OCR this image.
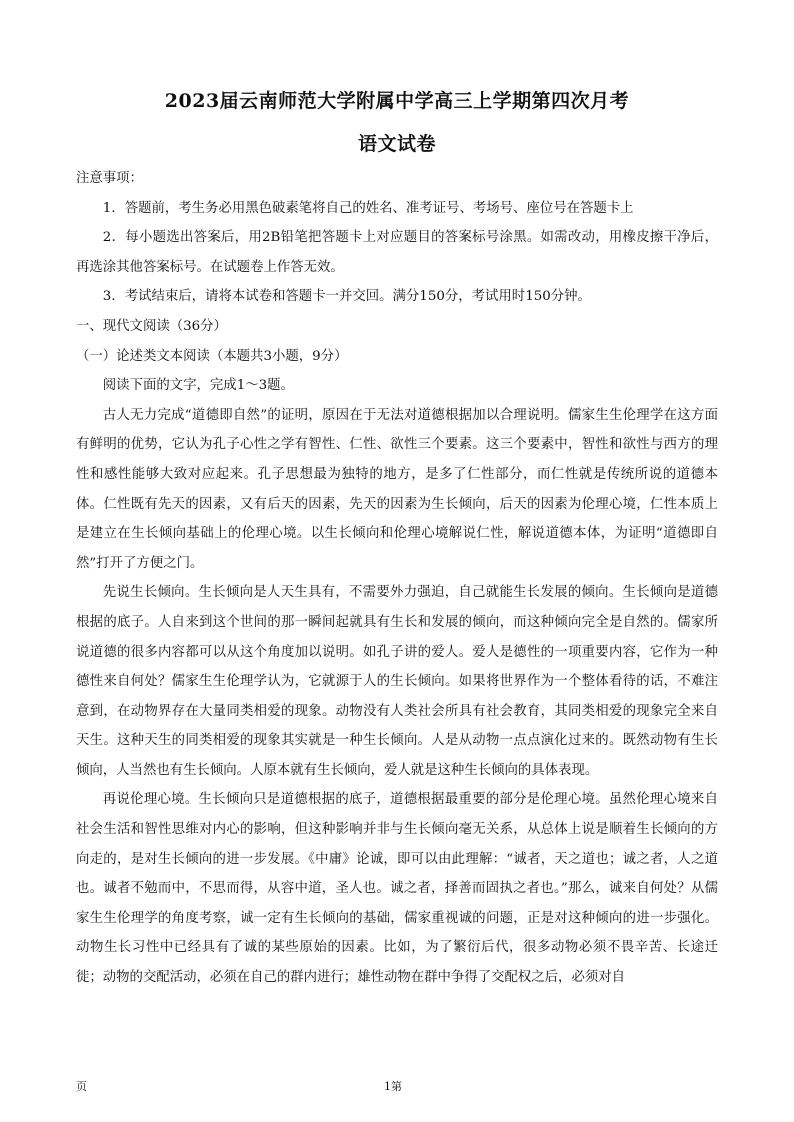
2023届云南师范大学附属中学高三上学期第四次月考
语文试卷

注意事项：

1．答题前，考生务必用黑色破素笔将自己的姓名、准考证号、考场号、座位号在答题卡上

2．每小题选出答案后，用2B铅笔把答题卡上对应题目的答案标号涂黑。如需改动，用橡皮擦干净后，再选涂其他答案标号。在试题卷上作答无效。

3．考试结束后，请将本试卷和答题卡一并交回。满分150分，考试用时150分钟。

一、现代文阅读（36分）

（一）论述类文本阅读（本题共3小题，9分）

阅读下面的文字，完成1～3题。

古人无力完成“道德即自然”的证明，原因在于无法对道德根据加以合理说明。儒家生生伦理学在这方面有鲜明的优势，它认为孔子心性之学有智性、仁性、欲性三个要素。这三个要素中，智性和欲性与西方的理性和感性能够大致对应起来。孔子思想最为独特的地方，是多了仁性部分，而仁性就是传统所说的道德本体。仁性既有先天的因素，又有后天的因素，先天的因素为生长倾向，后天的因素为伦理心境，仁性本质上是建立在生长倾向基础上的伦理心境。以生长倾向和伦理心境解说仁性，解说道德本体，为证明“道德即自然”打开了方便之门。

先说生长倾向。生长倾向是人天生具有，不需要外力强迫，自己就能生长发展的倾向。生长倾向是道德根据的底子。人自来到这个世间的那一瞬间起就具有生长和发展的倾向，而这种倾向完全是自然的。儒家所说道德的很多内容都可以从这个角度加以说明。如孔子讲的爱人。爱人是德性的一项重要内容，它作为一种德性来自何处？儒家生生伦理学认为，它就源于人的生长倾向。如果将世界作为一个整体看待的话，不难注意到，在动物界存在大量同类相爱的现象。动物没有人类社会所具有社会教育，其同类相爱的现象完全来自天生。这种天生的同类相爱的现象其实就是一种生长倾向。人是从动物一点点演化过来的。既然动物有生长倾向，人当然也有生长倾向。人原本就有生长倾向，爱人就是这种生长倾向的具体表现。

再说伦理心境。生长倾向只是道德根据的底子，道德根据最重要的部分是伦理心境。虽然伦理心境来自社会生活和智性思维对内心的影响，但这种影响并非与生长倾向毫无关系，从总体上说是顺着生长倾向的方向走的，是对生长倾向的进一步发展。《中庸》论诚，即可以由此理解：“诚者，天之道也；诚之者，人之道也。诚者不勉而中，不思而得，从容中道，圣人也。诚之者，择善而固执之者也。”那么，诚来自何处？从儒家生生伦理学的角度考察，诚一定有生长倾向的基础，儒家重视诚的问题，正是对这种倾向的进一步强化。动物生长习性中已经具有了诚的某些原始的因素。比如，为了繁衍后代，很多动物必须不畏辛苦、长途迁徙；动物的交配活动，必须在自己的群内进行；雄性动物在群中争得了交配权之后，必须对自

页	1第
